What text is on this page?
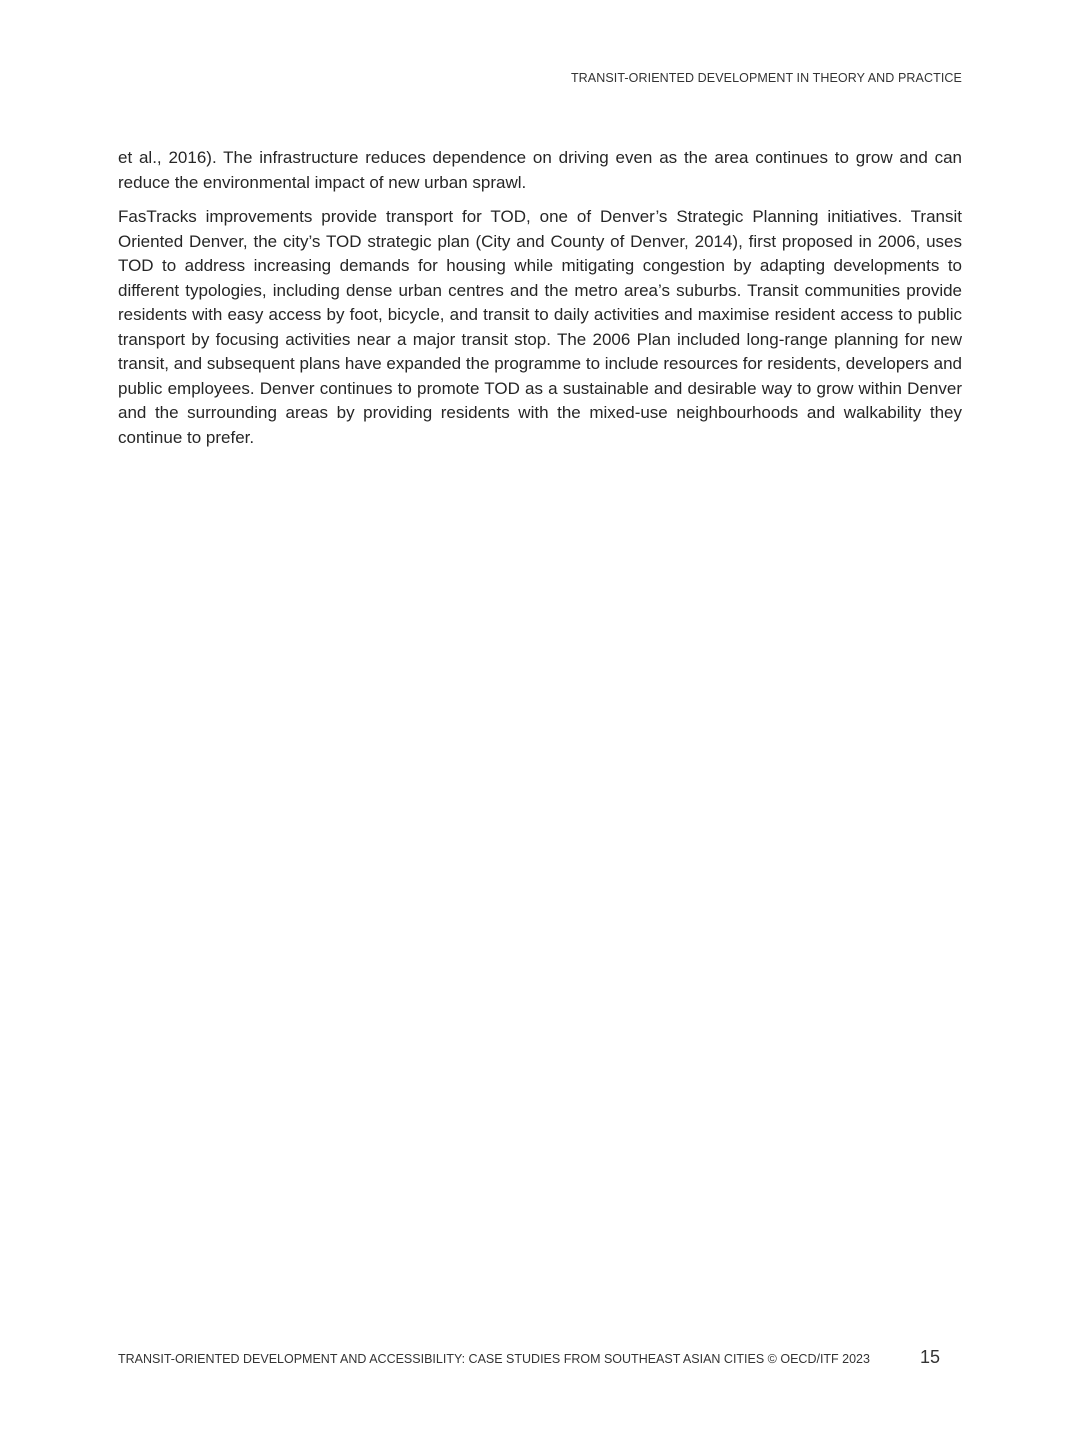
TRANSIT-ORIENTED DEVELOPMENT IN THEORY AND PRACTICE

et al., 2016). The infrastructure reduces dependence on driving even as the area continues to grow and can reduce the environmental impact of new urban sprawl.

FasTracks improvements provide transport for TOD, one of Denver’s Strategic Planning initiatives. Transit Oriented Denver, the city’s TOD strategic plan (City and County of Denver, 2014), first proposed in 2006, uses TOD to address increasing demands for housing while mitigating congestion by adapting developments to different typologies, including dense urban centres and the metro area’s suburbs. Transit communities provide residents with easy access by foot, bicycle, and transit to daily activities and maximise resident access to public transport by focusing activities near a major transit stop. The 2006 Plan included long-range planning for new transit, and subsequent plans have expanded the programme to include resources for residents, developers and public employees. Denver continues to promote TOD as a sustainable and desirable way to grow within Denver and the surrounding areas by providing residents with the mixed-use neighbourhoods and walkability they continue to prefer.

TRANSIT-ORIENTED DEVELOPMENT AND ACCESSIBILITY: CASE STUDIES FROM SOUTHEAST ASIAN CITIES © OECD/ITF 2023	15
